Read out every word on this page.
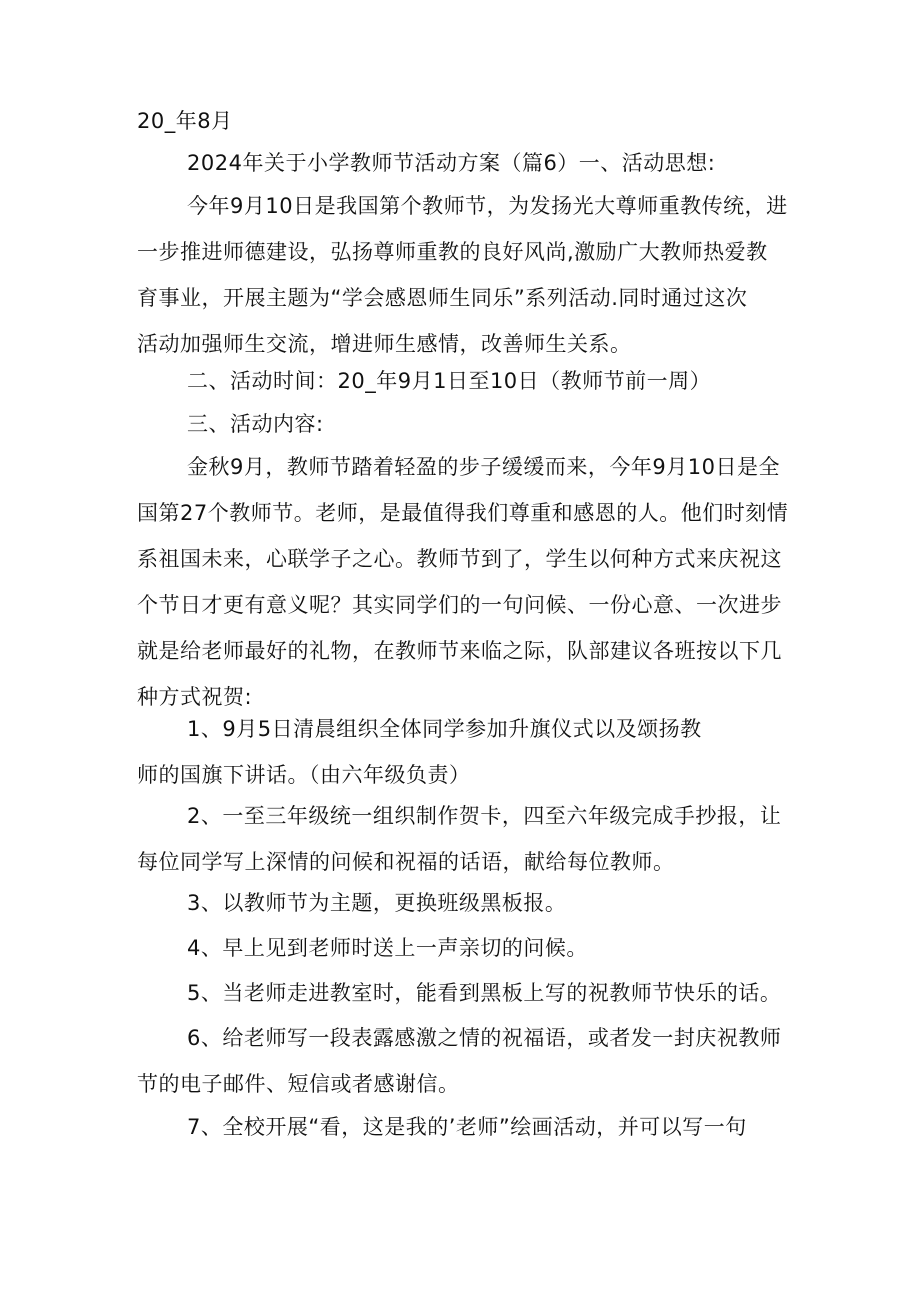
20_年8月

2024年关于小学教师节活动方案（篇6）一、活动思想:

今年9月10日是我国第个教师节，为发扬光大尊师重教传统，进
一步推进师德建设，弘扬尊师重教的良好风尚,激励广大教师热爱教
育事业，开展主题为“学会感恩师生同乐”系列活动.同时通过这次
活动加强师生交流，增进师生感情，改善师生关系。

二、活动时间：20_年9月1日至10日（教师节前一周）

三、活动内容:

金秋9月，教师节踏着轻盈的步子缓缓而来，今年9月10日是全
国第27个教师节。老师，是最值得我们尊重和感恩的人。他们时刻情
系祖国未来，心联学子之心。教师节到了，学生以何种方式来庆祝这
个节日才更有意义呢？其实同学们的一句问候、一份心意、一次进步
就是给老师最好的礼物，在教师节来临之际，队部建议各班按以下几
种方式祝贺:

1、9月5日清晨组织全体同学参加升旗仪式以及颂扬教
师的国旗下讲话。（由六年级负责）

2、一至三年级统一组织制作贺卡，四至六年级完成手抄报，让
每位同学写上深情的问候和祝福的话语，献给每位教师。

3、以教师节为主题，更换班级黑板报。

4、早上见到老师时送上一声亲切的问候。

5、当老师走进教室时，能看到黑板上写的祝教师节快乐的话。

6、给老师写一段表露感激之情的祝福语，或者发一封庆祝教师
节的电子邮件、短信或者感谢信。

7、全校开展“看，这是我的’老师”绘画活动，并可以写一句
